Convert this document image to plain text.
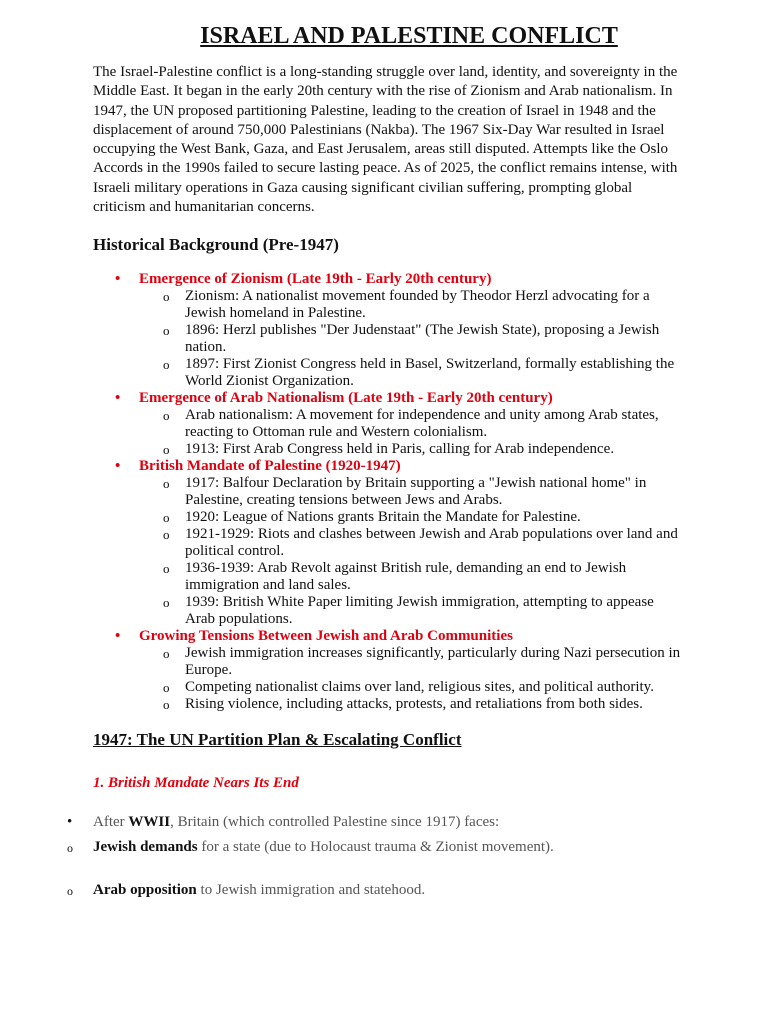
ISRAEL AND PALESTINE CONFLICT

The Israel-Palestine conflict is a long-standing struggle over land, identity, and sovereignty in the Middle East. It began in the early 20th century with the rise of Zionism and Arab nationalism. In 1947, the UN proposed partitioning Palestine, leading to the creation of Israel in 1948 and the displacement of around 750,000 Palestinians (Nakba). The 1967 Six-Day War resulted in Israel occupying the West Bank, Gaza, and East Jerusalem, areas still disputed. Attempts like the Oslo Accords in the 1990s failed to secure lasting peace. As of 2025, the conflict remains intense, with Israeli military operations in Gaza causing significant civilian suffering, prompting global criticism and humanitarian concerns.

Historical Background (Pre-1947)
• Emergence of Zionism (Late 19th - Early 20th century)
o Zionism: A nationalist movement founded by Theodor Herzl advocating for a Jewish homeland in Palestine.
o 1896: Herzl publishes "Der Judenstaat" (The Jewish State), proposing a Jewish nation.
o 1897: First Zionist Congress held in Basel, Switzerland, formally establishing the World Zionist Organization.
• Emergence of Arab Nationalism (Late 19th - Early 20th century)
o Arab nationalism: A movement for independence and unity among Arab states, reacting to Ottoman rule and Western colonialism.
o 1913: First Arab Congress held in Paris, calling for Arab independence.
• British Mandate of Palestine (1920-1947)
o 1917: Balfour Declaration by Britain supporting a "Jewish national home" in Palestine, creating tensions between Jews and Arabs.
o 1920: League of Nations grants Britain the Mandate for Palestine.
o 1921-1929: Riots and clashes between Jewish and Arab populations over land and political control.
o 1936-1939: Arab Revolt against British rule, demanding an end to Jewish immigration and land sales.
o 1939: British White Paper limiting Jewish immigration, attempting to appease Arab populations.
• Growing Tensions Between Jewish and Arab Communities
o Jewish immigration increases significantly, particularly during Nazi persecution in Europe.
o Competing nationalist claims over land, religious sites, and political authority.
o Rising violence, including attacks, protests, and retaliations from both sides.
1947: The UN Partition Plan & Escalating Conflict

1. British Mandate Nears Its End

• After WWII, Britain (which controlled Palestine since 1917) faces:

o Jewish demands for a state (due to Holocaust trauma & Zionist movement).

o Arab opposition to Jewish immigration and statehood.
